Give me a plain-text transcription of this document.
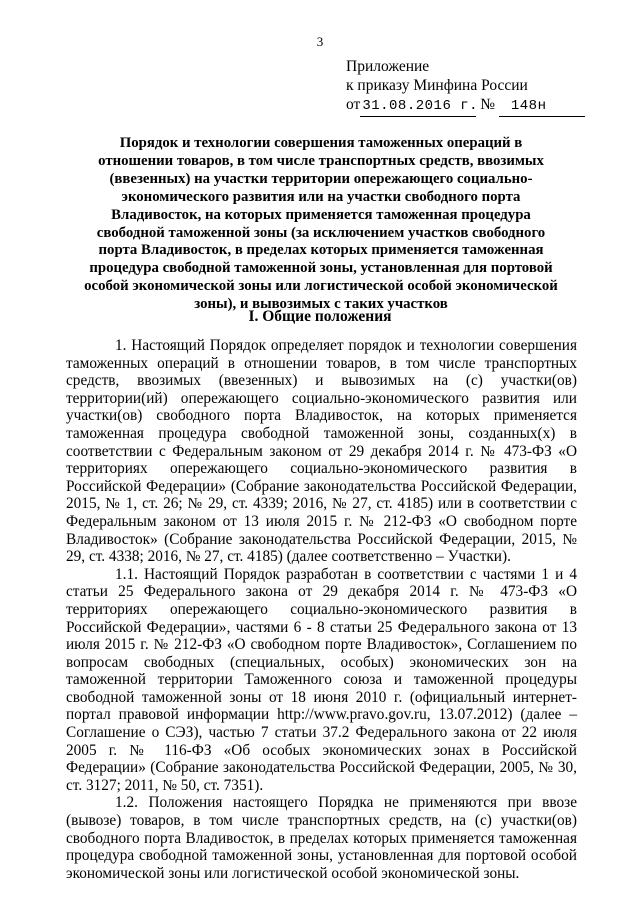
3
Приложение
к приказу Минфина России
от 31.08.2016 г. № 148н
Порядок и технологии совершения таможенных операций в отношении товаров, в том числе транспортных средств, ввозимых (ввезенных) на участки территории опережающего социально-экономического развития или на участки свободного порта Владивосток, на которых применяется таможенная процедура свободной таможенной зоны (за исключением участков свободного порта Владивосток, в пределах которых применяется таможенная процедура свободной таможенной зоны, установленная для портовой особой экономической зоны или логистической особой экономической зоны), и вывозимых с таких участков
I. Общие положения

1. Настоящий Порядок определяет порядок и технологии совершения таможенных операций в отношении товаров, в том числе транспортных средств, ввозимых (ввезенных) и вывозимых на (с) участки(ов) территории(ий) опережающего социально-экономического развития или участки(ов) свободного порта Владивосток, на которых применяется таможенная процедура свободной таможенной зоны, созданных(х) в соответствии с Федеральным законом от 29 декабря 2014 г. № 473-ФЗ «О территориях опережающего социально-экономического развития в Российской Федерации» (Собрание законодательства Российской Федерации, 2015, № 1, ст. 26; № 29, ст. 4339; 2016, № 27, ст. 4185) или в соответствии с Федеральным законом от 13 июля 2015 г. № 212-ФЗ «О свободном порте Владивосток» (Собрание законодательства Российской Федерации, 2015, № 29, ст. 4338; 2016, № 27, ст. 4185) (далее соответственно – Участки).

1.1. Настоящий Порядок разработан в соответствии с частями 1 и 4 статьи 25 Федерального закона от 29 декабря 2014 г. № 473-ФЗ «О территориях опережающего социально-экономического развития в Российской Федерации», частями 6 - 8 статьи 25 Федерального закона от 13 июля 2015 г. № 212-ФЗ «О свободном порте Владивосток», Соглашением по вопросам свободных (специальных, особых) экономических зон на таможенной территории Таможенного союза и таможенной процедуры свободной таможенной зоны от 18 июня 2010 г. (официальный интернет-портал правовой информации http://www.pravo.gov.ru, 13.07.2012) (далее – Соглашение о СЭЗ), частью 7 статьи 37.2 Федерального закона от 22 июля 2005 г. № 116-ФЗ «Об особых экономических зонах в Российской Федерации» (Собрание законодательства Российской Федерации, 2005, № 30, ст. 3127; 2011, № 50, ст. 7351).

1.2. Положения настоящего Порядка не применяются при ввозе (вывозе) товаров, в том числе транспортных средств, на (с) участки(ов) свободного порта Владивосток, в пределах которых применяется таможенная процедура свободной таможенной зоны, установленная для портовой особой экономической зоны или логистической особой экономической зоны.
